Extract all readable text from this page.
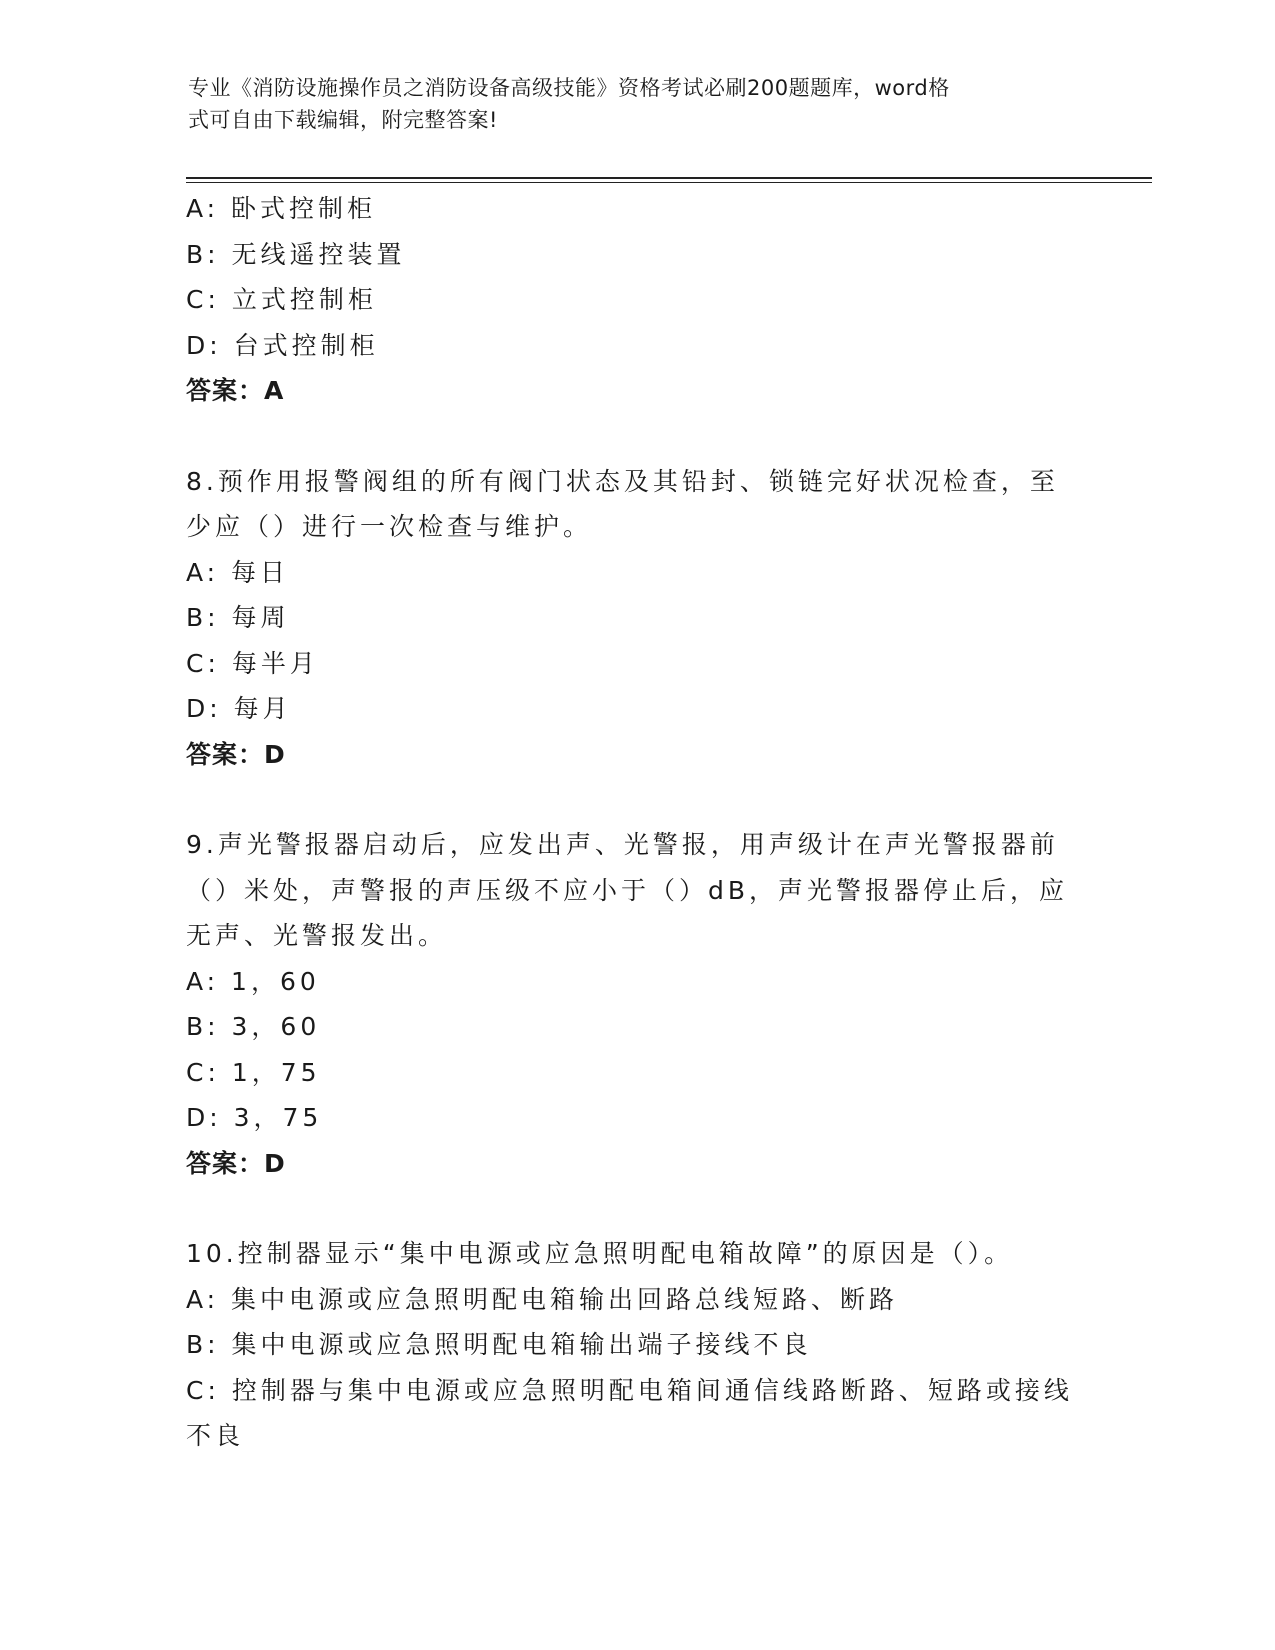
专业《消防设施操作员之消防设备高级技能》资格考试必刷200题题库，word格
式可自由下载编辑，附完整答案!
A: 卧式控制柜
B: 无线遥控装置
C: 立式控制柜
D: 台式控制柜
答案：A
8.预作用报警阀组的所有阀门状态及其铅封、锁链完好状况检查，至
少应（）进行一次检查与维护。
A: 每日
B: 每周
C: 每半月
D: 每月
答案：D
9.声光警报器启动后，应发出声、光警报，用声级计在声光警报器前
（）米处，声警报的声压级不应小于（）dB，声光警报器停止后，应
无声、光警报发出。
A: 1，60
B: 3，60
C: 1，75
D: 3，75
答案：D
10.控制器显示“集中电源或应急照明配电箱故障”的原因是（）。
A: 集中电源或应急照明配电箱输出回路总线短路、断路
B: 集中电源或应急照明配电箱输出端子接线不良
C: 控制器与集中电源或应急照明配电箱间通信线路断路、短路或接线
不良
